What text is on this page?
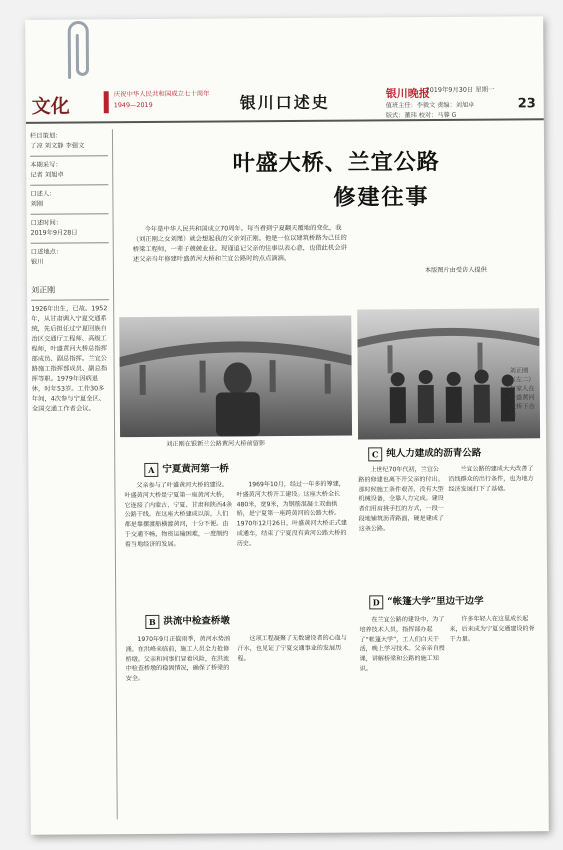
文化
庆祝中华人民共和国成立七十周年
1949—2019	银川口述史	银川晚报
2019年9月30日 星期一
值班主任：李毅文 责编：刘旭卓
版式：董玮 校对：马蓉 G
23
栏目策划：
了凉 刘文静 李强文
本期采写：
记者 刘旭卓
口述人：
刘刚
口述时间：
2019年9月28日
口述地点：
银川
刘正刚
1926年出生，已故。1952年，从甘肃调入宁夏交通系统，先后担任过宁夏回族自治区交通厅工程师、高级工程师，叶盛黄河大桥总指挥部成员、副总指挥。兰宜公路施工指挥部成员、副总指挥等职。1979年因病退休，时年53岁。工作30多年间，4次参与宁夏全区、全国交通工作者会议。
叶盛大桥、兰宜公路
修建往事
今年是中华人民共和国成立70周年。每当看到宁夏翻天覆地的变化，我（刘正刚之女刘瑾）就会想起我的父亲刘正刚。他是一位以建筑桥路为己任的桥梁工程师，一辈子兢兢业业。现谨追记父亲的往事以表心意，也借此机会讲述父亲当年修建叶盛黄河大桥和兰宜公路时的点点滴滴。
本版图片由受访人提供
刘正刚在银新兰公路黄河大桥前留影
刘正刚（左二）与家人在叶盛黄河大桥下合影
A 宁夏黄河第一桥
父亲参与了叶盛黄河大桥的建设。叶盛黄河大桥是宁夏第一座黄河大桥，它连接了内蒙古、宁夏、甘肃和陕西4条公路干线。在这座大桥建成以前，人们都是靠摆渡船横渡黄河，十分不便。由于交通不畅，物资运输困难，一度制约着当地经济的发展。
1969年10月，经过一年多的筹建，叶盛黄河大桥开工建设。这座大桥全长480米，宽9米，为钢筋混凝土双曲拱桥，是宁夏第一座跨黄河的公路大桥。1970年12月26日，叶盛黄河大桥正式建成通车，结束了宁夏没有黄河公路大桥的历史。
B 洪流中检查桥墩
1970年9月正值雨季，黄河水势汹涌。在洪峰来临前，施工人员全力抢修桥墩。父亲和同事们冒着风险，在洪流中检查桥墩的稳固情况，确保了桥梁的安全。
这项工程凝聚了无数建设者的心血与汗水，也见证了宁夏交通事业的发展历程。
C 纯人力建成的沥青公路
上世纪70年代初，兰宜公路的修建也离不开父亲的付出。那时候施工条件艰苦，没有大型机械设备，全靠人力完成。建设者们用肩挑手扛的方式，一段一段地铺筑沥青路面，硬是建成了这条公路。
兰宜公路的建成大大改善了沿线群众的出行条件，也为地方经济发展打下了基础。
D “帐篷大学”里边干边学
在兰宜公路的建设中，为了培养技术人员，指挥部办起了“帐篷大学”，工人们白天干活，晚上学习技术。父亲亲自授课，讲解桥梁和公路的施工知识。
许多年轻人在这里成长起来，后来成为宁夏交通建设的骨干力量。
